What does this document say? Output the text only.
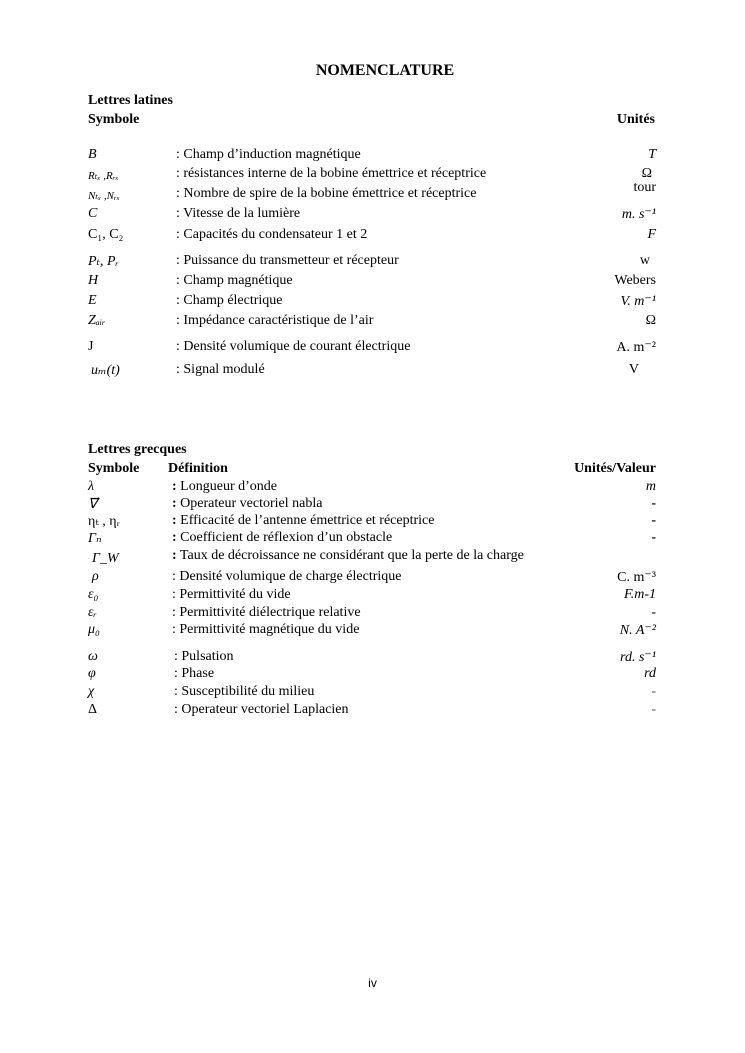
NOMENCLATURE
Lettres latines
Symbole	Unités
B⃗	: Champ d’induction magnétique	T
Rₜₓ ,Rᵣₓ	: résistances interne de la bobine émettrice et réceptrice	Ω
Nₜₓ ,Nᵣₓ	: Nombre de spire de la bobine émettrice et réceptrice	tour
C	: Vitesse de la lumière	m. s⁻¹
C₁, C₂	: Capacités du condensateur 1 et 2	F
Pₜ, Pᵣ	: Puissance du transmetteur et récepteur	w
H⃗	: Champ magnétique	Webers
E⃗	: Champ électrique	V. m⁻¹
Zₐᵢᵣ	: Impédance caractéristique de l’air	Ω
J	: Densité volumique de courant électrique	A. m⁻²
uₘ(t)	: Signal modulé	V
Lettres grecques
Symbole Définition	Unités/Valeur
λ	: Longueur d’onde	m
∇⃗	: Operateur vectoriel nabla	-
ηₜ , ηᵣ	: Efficacité de l’antenne émettrice et réceptrice	-
Γₙ	: Coefficient de réflexion d’un obstacle	-
Γ_W	: Taux de décroissance ne considérant que la perte de la charge
ρ	: Densité volumique de charge électrique	C. m⁻³
ε₀	: Permittivité du vide	F.m-1
εᵣ	: Permittivité diélectrique relative	-
μ₀	: Permittivité magnétique du vide	N. A⁻²
ω	: Pulsation	rd. s⁻¹
φ	: Phase	rd
χ	: Susceptibilité du milieu	-
Δ	: Operateur vectoriel Laplacien	-
iv
